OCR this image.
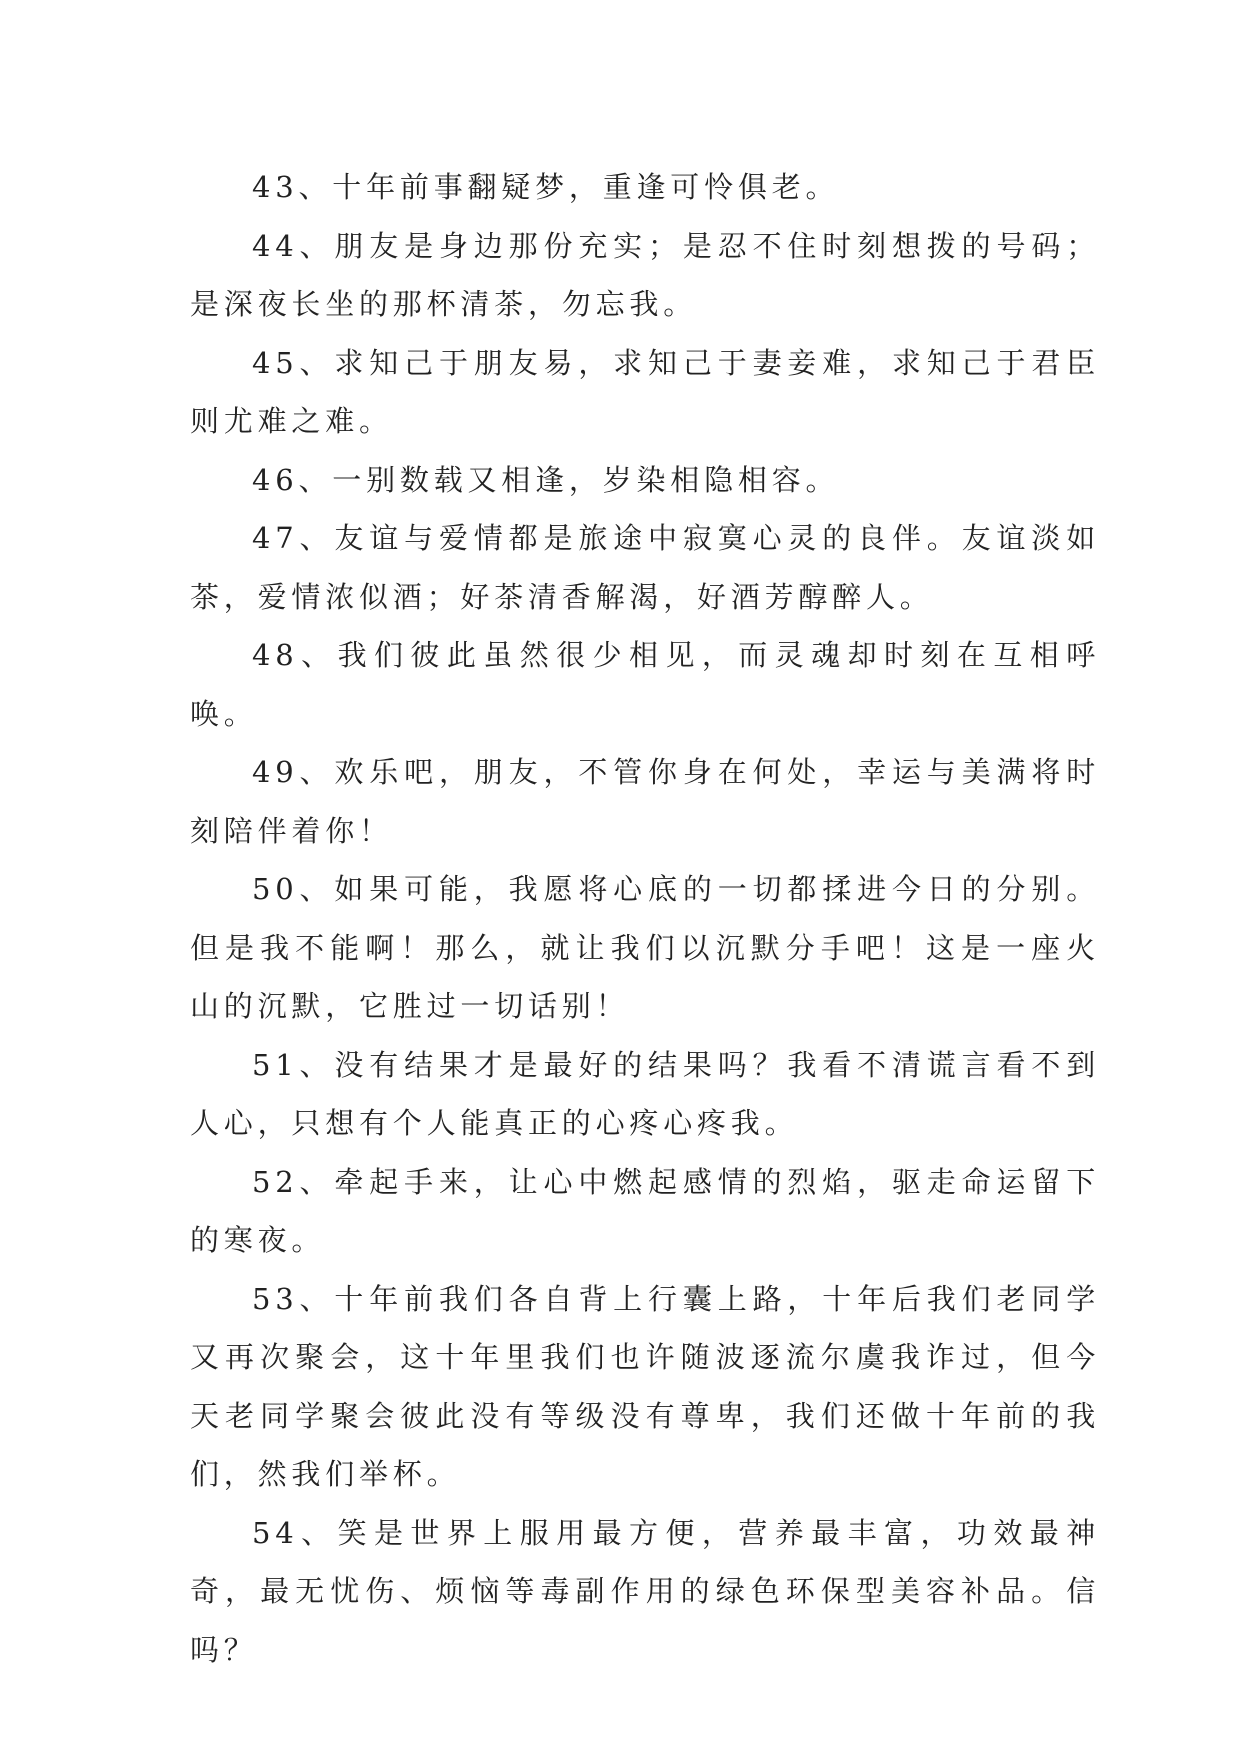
43、十年前事翻疑梦，重逢可怜俱老。

44、朋友是身边那份充实；是忍不住时刻想拨的号码；是深夜长坐的那杯清茶，勿忘我。

45、求知己于朋友易，求知己于妻妾难，求知己于君臣则尤难之难。

46、一别数载又相逢，岁染相隐相容。

47、友谊与爱情都是旅途中寂寞心灵的良伴。友谊淡如茶，爱情浓似酒；好茶清香解渴，好酒芳醇醉人。

48、我们彼此虽然很少相见，而灵魂却时刻在互相呼唤。

49、欢乐吧，朋友，不管你身在何处，幸运与美满将时刻陪伴着你！

50、如果可能，我愿将心底的一切都揉进今日的分别。但是我不能啊！那么，就让我们以沉默分手吧！这是一座火山的沉默，它胜过一切话别！

51、没有结果才是最好的结果吗？我看不清谎言看不到人心，只想有个人能真正的心疼心疼我。

52、牵起手来，让心中燃起感情的烈焰，驱走命运留下的寒夜。

53、十年前我们各自背上行囊上路，十年后我们老同学又再次聚会，这十年里我们也许随波逐流尔虞我诈过，但今天老同学聚会彼此没有等级没有尊卑，我们还做十年前的我们，然我们举杯。

54、笑是世界上服用最方便，营养最丰富，功效最神奇，最无忧伤、烦恼等毒副作用的绿色环保型美容补品。信吗？
